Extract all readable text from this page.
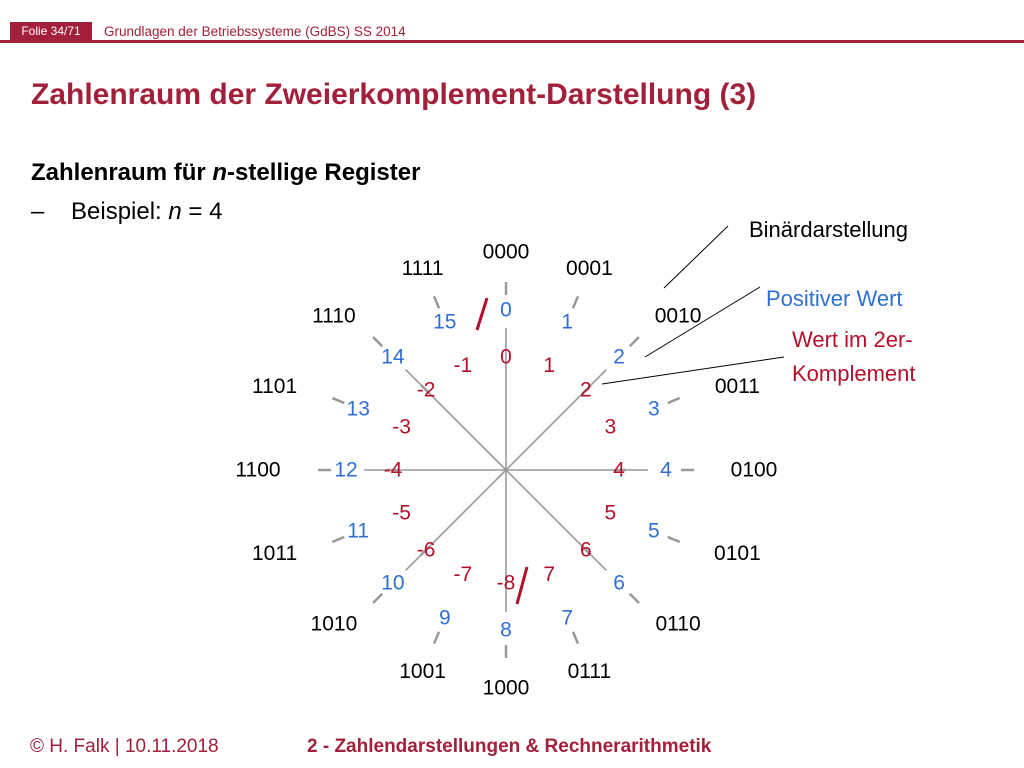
Folie 34/71	Grundlagen der Betriebssysteme (GdBS) SS 2014
Zahlenraum der Zweierkomplement-Darstellung (3)
Zahlenraum für n-stellige Register
– Beispiel: n = 4
0000
0
0
0001
1
1
0010
2
2	0011
3
3
0100
4
4
0101
5
5
0110
6
6
0111
7
7
1000
8
-8
1001
9
-7
1010
10
-6
1011
11
-5
1100	12 -4
1101
13
-3
1110
14
-2
1111
15
-1
Binärdarstellung
Positiver Wert
Wert im 2er-
Komplement
© H. Falk | 10.11.2018	2 - Zahlendarstellungen & Rechnerarithmetik
